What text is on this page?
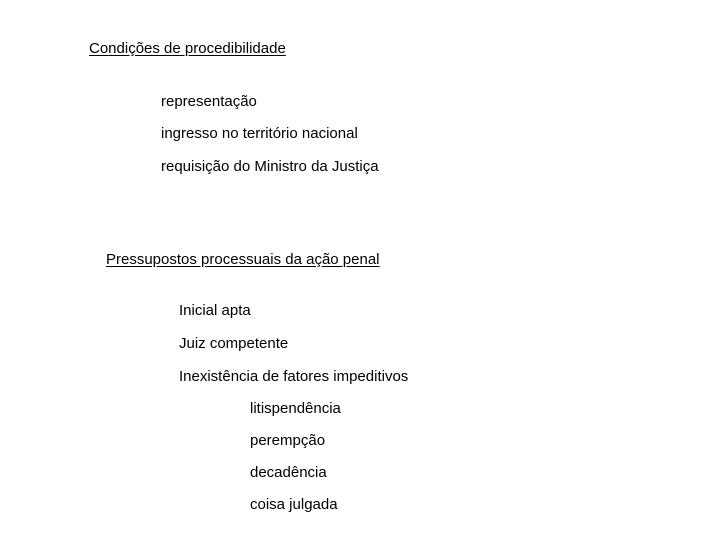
Condições de procedibilidade
representação
ingresso no território nacional
requisição do Ministro da Justiça
Pressupostos processuais da ação penal
Inicial apta
Juiz competente
Inexistência de fatores impeditivos
litispendência
perempção
decadência
coisa julgada
